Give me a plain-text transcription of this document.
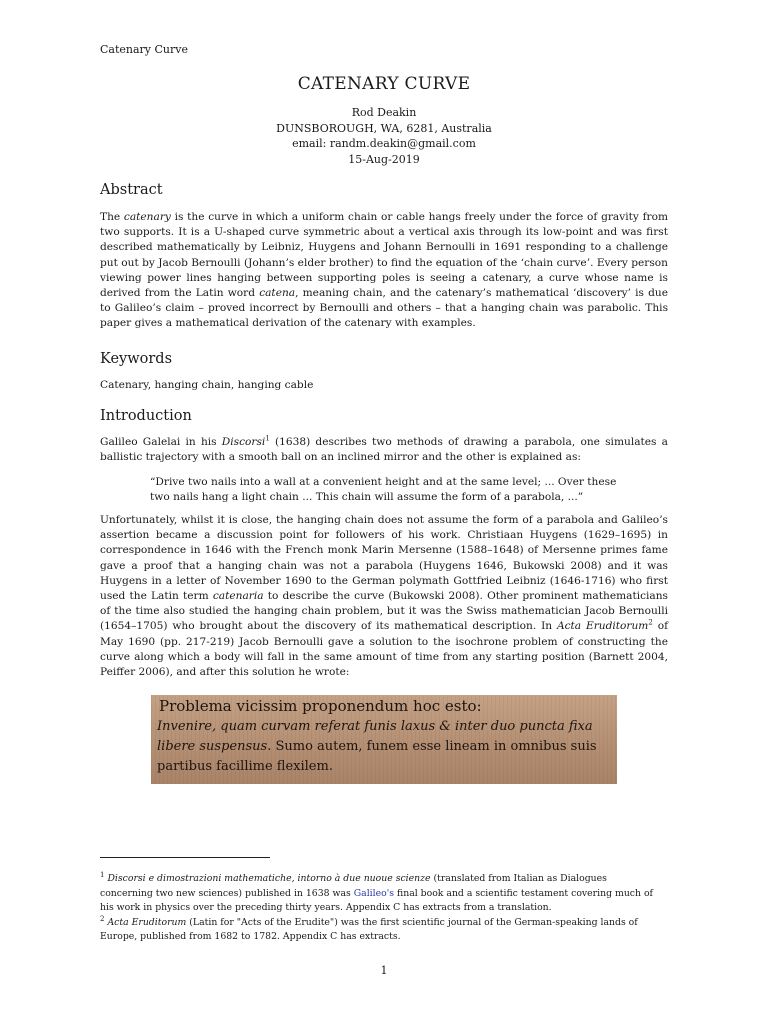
Catenary Curve
CATENARY CURVE
Rod Deakin
DUNSBOROUGH, WA, 6281, Australia
email: randm.deakin@gmail.com
15-Aug-2019
Abstract

The catenary is the curve in which a uniform chain or cable hangs freely under the force of gravity from two supports. It is a U-shaped curve symmetric about a vertical axis through its low-point and was first described mathematically by Leibniz, Huygens and Johann Bernoulli in 1691 responding to a challenge put out by Jacob Bernoulli (Johann’s elder brother) to find the equation of the ‘chain curve’. Every person viewing power lines hanging between supporting poles is seeing a catenary, a curve whose name is derived from the Latin word catena, meaning chain, and the catenary’s mathematical ‘discovery’ is due to Galileo’s claim – proved incorrect by Bernoulli and others – that a hanging chain was parabolic. This paper gives a mathematical derivation of the catenary with examples.

Keywords
Catenary, hanging chain, hanging cable
Introduction

Galileo Galelai in his Discorsi$^1$ (1638) describes two methods of drawing a parabola, one simulates a ballistic trajectory with a smooth ball on an inclined mirror and the other is explained as:

“Drive two nails into a wall at a convenient height and at the same level; ... Over these
two nails hang a light chain ... This chain will assume the form of a parabola, ...”

Unfortunately, whilst it is close, the hanging chain does not assume the form of a parabola and Galileo’s assertion became a discussion point for followers of his work. Christiaan Huygens (1629–1695) in correspondence in 1646 with the French monk Marin Mersenne (1588–1648) of Mersenne primes fame gave a proof that a hanging chain was not a parabola (Huygens 1646, Bukowski 2008) and it was Huygens in a letter of November 1690 to the German polymath Gottfried Leibniz (1646-1716) who first used the Latin term catenaria to describe the curve (Bukowski 2008). Other prominent mathematicians of the time also studied the hanging chain problem, but it was the Swiss mathematician Jacob Bernoulli (1654–1705) who brought about the discovery of its mathematical description. In Acta Eruditorum$^2$ of May 1690 (pp. 217-219) Jacob Bernoulli gave a solution to the isochrone problem of constructing the curve along which a body will fall in the same amount of time from any starting position (Barnett 2004, Peiffer 2006), and after this solution he wrote:

Problema vicissim proponendum hoc esto:
Invenire, quam curvam referat funis laxus & inter duo puncta fixa
libere suspensus. Sumo autem, funem esse lineam in omnibus suis
partibus facillime flexilem.

$^1$ Discorsi e dimostrazioni mathematiche, intorno à due nuoue scienze (translated from Italian as Dialogues concerning two new sciences) published in 1638 was Galileo's final book and a scientific testament covering much of his work in physics over the preceding thirty years. Appendix C has extracts from a translation.

$^2$ Acta Eruditorum (Latin for "Acts of the Erudite") was the first scientific journal of the German-speaking lands of Europe, published from 1682 to 1782. Appendix C has extracts.

1
